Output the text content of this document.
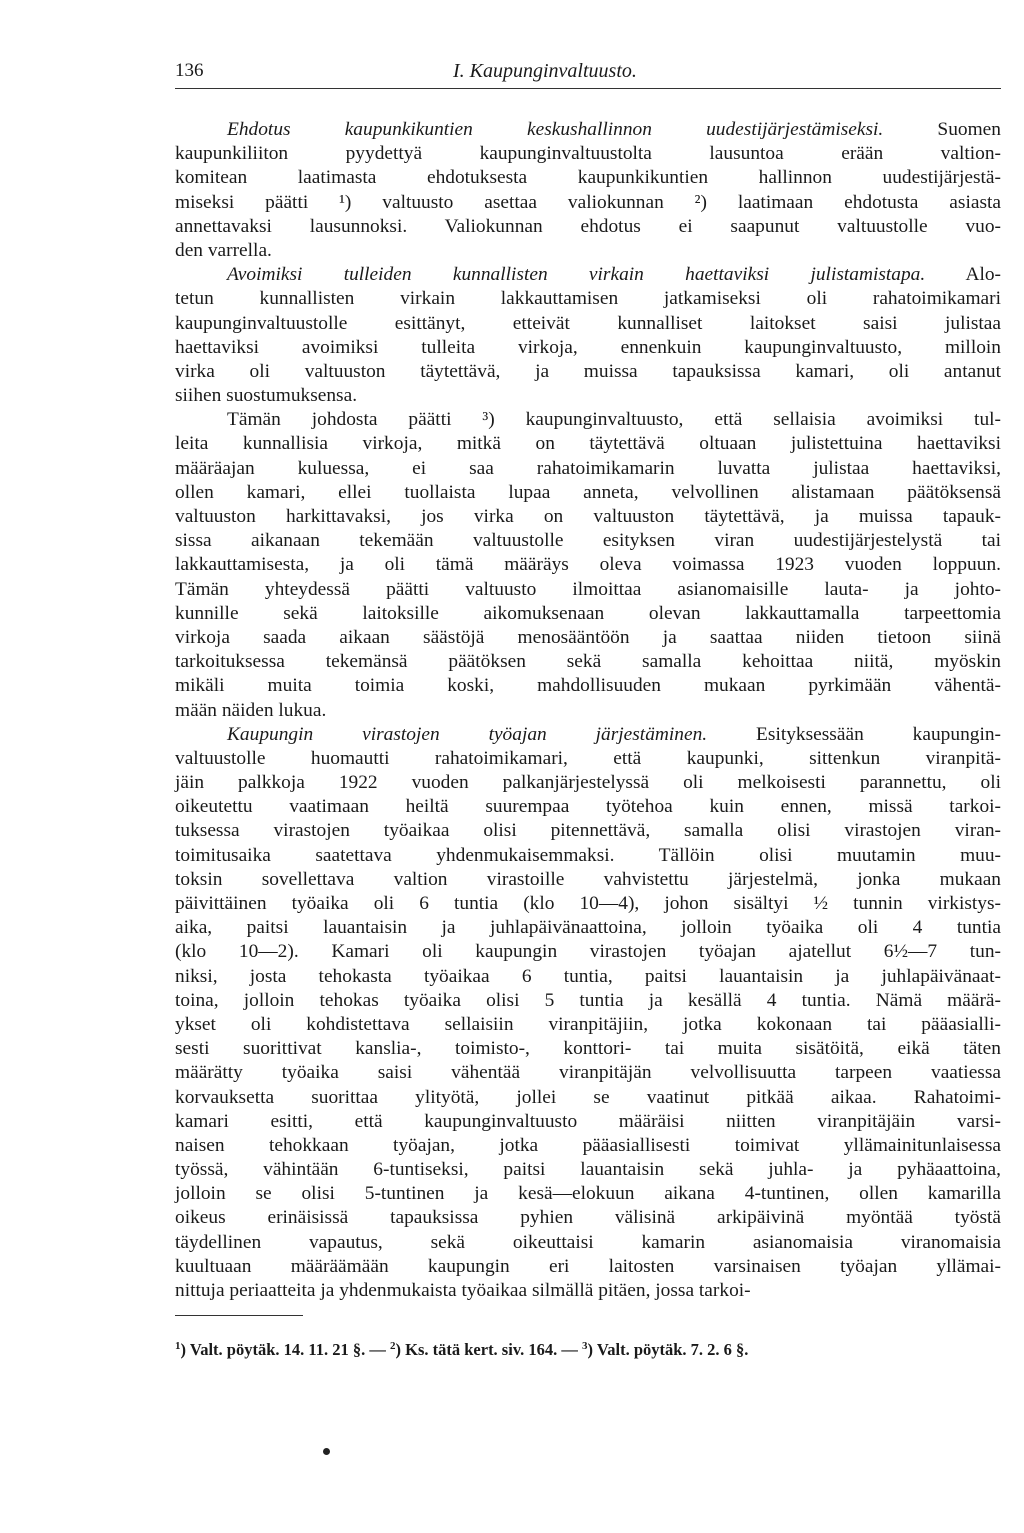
136	I. Kaupunginvaltuusto.
Ehdotus kaupunkikuntien keskushallinnon uudestijärjestämiseksi. Suomen
kaupunkiliiton pyydettyä kaupunginvaltuustolta lausuntoa erään valtion-
komitean laatimasta ehdotuksesta kaupunkikuntien hallinnon uudestijärjestä-
miseksi päätti ¹) valtuusto asettaa valiokunnan ²) laatimaan ehdotusta asiasta
annettavaksi lausunnoksi. Valiokunnan ehdotus ei saapunut valtuustolle vuo-
den varrella.
Avoimiksi tulleiden kunnallisten virkain haettaviksi julistamistapa. Alo-
tetun kunnallisten virkain lakkauttamisen jatkamiseksi oli rahatoimikamari
kaupunginvaltuustolle esittänyt, etteivät kunnalliset laitokset saisi julistaa
haettaviksi avoimiksi tulleita virkoja, ennenkuin kaupunginvaltuusto, milloin
virka oli valtuuston täytettävä, ja muissa tapauksissa kamari, oli antanut
siihen suostumuksensa.
Tämän johdosta päätti ³) kaupunginvaltuusto, että sellaisia avoimiksi tul-
leita kunnallisia virkoja, mitkä on täytettävä oltuaan julistettuina haettaviksi
määräajan kuluessa, ei saa rahatoimikamarin luvatta julistaa haettaviksi,
ollen kamari, ellei tuollaista lupaa anneta, velvollinen alistamaan päätöksensä
valtuuston harkittavaksi, jos virka on valtuuston täytettävä, ja muissa tapauk-
sissa aikanaan tekemään valtuustolle esityksen viran uudestijärjestelystä tai
lakkauttamisesta, ja oli tämä määräys oleva voimassa 1923 vuoden loppuun.
Tämän yhteydessä päätti valtuusto ilmoittaa asianomaisille lauta- ja johto-
kunnille sekä laitoksille aikomuksenaan olevan lakkauttamalla tarpeettomia
virkoja saada aikaan säästöjä menosääntöön ja saattaa niiden tietoon siinä
tarkoituksessa tekemänsä päätöksen sekä samalla kehoittaa niitä, myöskin
mikäli muita toimia koski, mahdollisuuden mukaan pyrkimään vähentä-
mään näiden lukua.
Kaupungin virastojen työajan järjestäminen. Esityksessään kaupungin-
valtuustolle huomautti rahatoimikamari, että kaupunki, sittenkun viranpitä-
jäin palkkoja 1922 vuoden palkanjärjestelyssä oli melkoisesti parannettu, oli
oikeutettu vaatimaan heiltä suurempaa työtehoa kuin ennen, missä tarkoi-
tuksessa virastojen työaikaa olisi pitennettävä, samalla olisi virastojen viran-
toimitusaika saatettava yhdenmukaisemmaksi. Tällöin olisi muutamin muu-
toksin sovellettava valtion virastoille vahvistettu järjestelmä, jonka mukaan
päivittäinen työaika oli 6 tuntia (klo 10—4), johon sisältyi ½ tunnin virkistys-
aika, paitsi lauantaisin ja juhlapäivänaattoina, jolloin työaika oli 4 tuntia
(klo 10—2). Kamari oli kaupungin virastojen työajan ajatellut 6½—7 tun-
niksi, josta tehokasta työaikaa 6 tuntia, paitsi lauantaisin ja juhlapäivänaat-
toina, jolloin tehokas työaika olisi 5 tuntia ja kesällä 4 tuntia. Nämä määrä-
ykset oli kohdistettava sellaisiin viranpitäjiin, jotka kokonaan tai pääasialli-
sesti suorittivat kanslia-, toimisto-, konttori- tai muita sisätöitä, eikä täten
määrätty työaika saisi vähentää viranpitäjän velvollisuutta tarpeen vaatiessa
korvauksetta suorittaa ylityötä, jollei se vaatinut pitkää aikaa. Rahatoimi-
kamari esitti, että kaupunginvaltuusto määräisi niitten viranpitäjäin varsi-
naisen tehokkaan työajan, jotka pääasiallisesti toimivat yllämainitunlaisessa
työssä, vähintään 6-tuntiseksi, paitsi lauantaisin sekä juhla- ja pyhäaattoina,
jolloin se olisi 5-tuntinen ja kesä—elokuun aikana 4-tuntinen, ollen kamarilla
oikeus erinäisissä tapauksissa pyhien välisinä arkipäivinä myöntää työstä
täydellinen vapautus, sekä oikeuttaisi kamarin asianomaisia viranomaisia
kuultuaan määräämään kaupungin eri laitosten varsinaisen työajan yllämai-
nittuja periaatteita ja yhdenmukaista työaikaa silmällä pitäen, jossa tarkoi-
$^1$) Valt. pöytäk. 14. 11. 21 §. — $^2$) Ks. tätä kert. siv. 164. — $^3$) Valt. pöytäk. 7. 2. 6 §.
